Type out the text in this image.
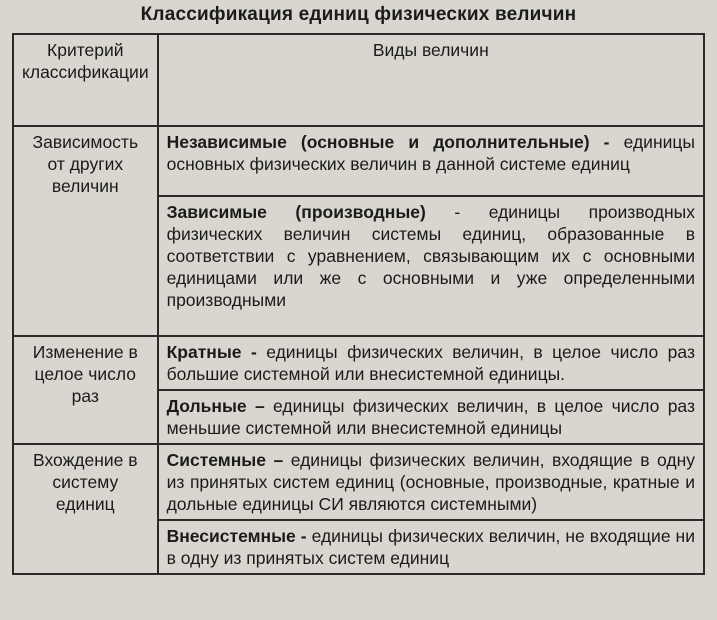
Классификация единиц физических величин
Критерий классификации	Виды величин
Зависимость от других величин	Независимые (основные и дополнительные) - единицы основных физических величин в данной системе единиц
	Зависимые (производные) - единицы производных физических величин системы единиц, образованные в соответствии с уравнением, связывающим их с основными единицами или же с основными и уже определенными производными
Изменение в целое число раз	Кратные - единицы физических величин, в целое число раз большие системной или внесистемной единицы.
	Дольные – единицы физических величин, в целое число раз меньшие системной или внесистемной единицы
Вхождение в систему единиц	Системные – единицы физических величин, входящие в одну из принятых систем единиц (основные, производные, кратные и дольные единицы СИ являются системными)
	Внесистемные - единицы физических величин, не входящие ни в одну из принятых систем единиц
